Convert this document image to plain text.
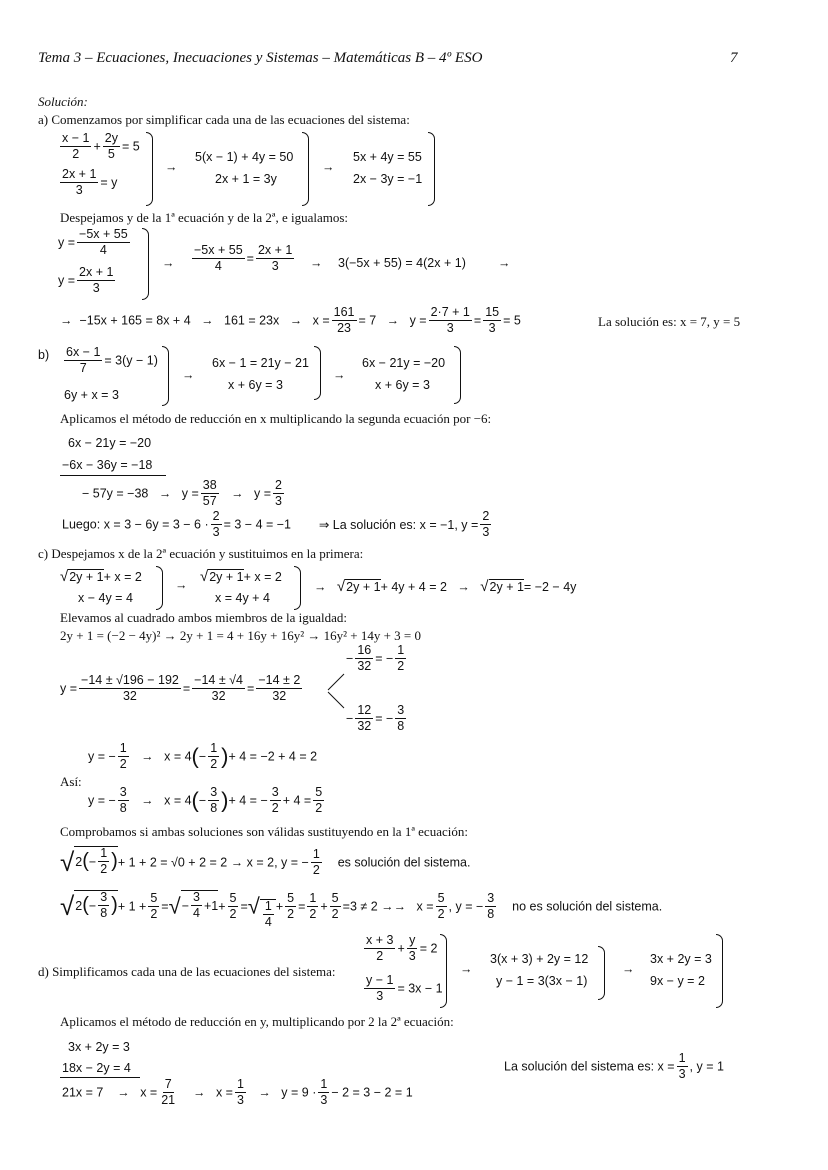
Tema 3 – Ecuaciones, Inecuaciones y Sistemas – Matemáticas B – 4º ESO	7
Solución:
a) Comenzamos por simplificar cada una de las ecuaciones del sistema:
$\frac{x - 1}{2} + \frac{2y}{5} = 5$
$\frac{2x + 1}{3} = y$
→
5(x − 1) + 4y = 50
2x + 1 = 3y
→
5x + 4y = 55
2x − 3y = −1
Despejamos y de la 1ª ecuación y de la 2ª, e igualamos:
$y = \frac{-5x + 55}{4}$
$y = \frac{2x + 1}{3}$
→ $\frac{-5x + 55}{4} = \frac{2x + 1}{3} \to 3(-5x + 55) = 4(2x + 1)$	→
→ $-15x + 165 = 8x + 4 \to 161 = 23x \to x = \frac{161}{23} = 7 \to y = \frac{2\cdot 7 + 1}{3} = \frac{15}{3} = 5$	La solución es: x = 7, y = 5
$b) \frac{6x - 1}{7} = 3(y - 1)$
6y + x = 3
→
6x − 1 = 21y − 21
x + 6y = 3
→
6x − 21y = −20
x + 6y = 3
Aplicamos el método de reducción en x multiplicando la segunda ecuación por −6:
6x − 21y = −20
−6x − 36y = −18
− $57y = -38 \to y = \frac{38}{57} \to y = \frac{2}{3}$
Luego: $x = 3 - 6y = 3 - 6 \cdot \frac{2}{3} = 3 - 4 = -1$ ⇒ La solución es: x = −1, $y = \frac{2}{3}$
c) Despejamos x de la 2ª ecuación y sustituimos en la primera:
√2y + 1+ x = 2
x − 4y = 4
→ √2y + 1+ x = 2
x = 4y + 4
→ √2y + 1+ 4y + 4 = 2 → √2y + 1= −2 − 4y
Elevamos al cuadrado ambos miembros de la igualdad:
2y + 1 = (−2 − 4y)² → 2y + 1 = 4 + 16y + 16y² → 16y² + 14y + 3 = 0
$y = \frac{-14 \pm √196 - 192}{32} = \frac{-14 \pm √4}{32} = \frac{-14 \pm 2}{32}$
− $\frac{16}{32}$ = − $\frac{1}{2}$
− $\frac{12}{32}$ = − $\frac{3}{8}$
y = − $\frac{1}{2} \to x = 4(- \frac{1}{2}$ )+ 4 = −2 + 4 = 2
Así:
y = − $\frac{3}{8} \to x = 4(- \frac{3}{8}$ )+ 4 = − $\frac{3}{2} + 4 = \frac{5}{2}$
Comprobamos si ambas soluciones son válidas sustituyendo en la 1ª ecuación:
√2 ( − $\frac{1}{2}$ ) + 1 + 2 = √0 + 2 = 2 → x = 2, y = − $\frac{1}{2}$ es solución del sistema.
√2 ( − $\frac{3}{8}$ ) + $1 + \frac{5}{2}$ =√−
3
4
$+1+ \frac{5}{2}$ =√ 1
4
+ $\frac{5}{2} = \frac{1}{2} + \frac{5}{2} =3 \ne 2 \to\to x = \frac{5}{2}$ , y = − $\frac{3}{8}$ no es solución del sistema.
d) Simplificamos cada una de las ecuaciones del sistema:
$\frac{x + 3}{2} + \frac{y}{3} = 2$
$\frac{y - 1}{3} = 3x - 1$
→
3(x + 3) + 2y = 12
y − 1 = 3(3x − 1)
→
3x + 2y = 3
9x − y = 2
Aplicamos el método de reducción en y, multiplicando por 2 la 2ª ecuación:
3x + 2y = 3
18x − 2y = 4
$21x = 7 \to x = \frac{7}{21} \to x = \frac{1}{3} \to y = 9 \cdot \frac{1}{3} - 2 = 3 - 2 = 1$
La solución del sistema es: $x = \frac{1}{3}$ , y = 1
